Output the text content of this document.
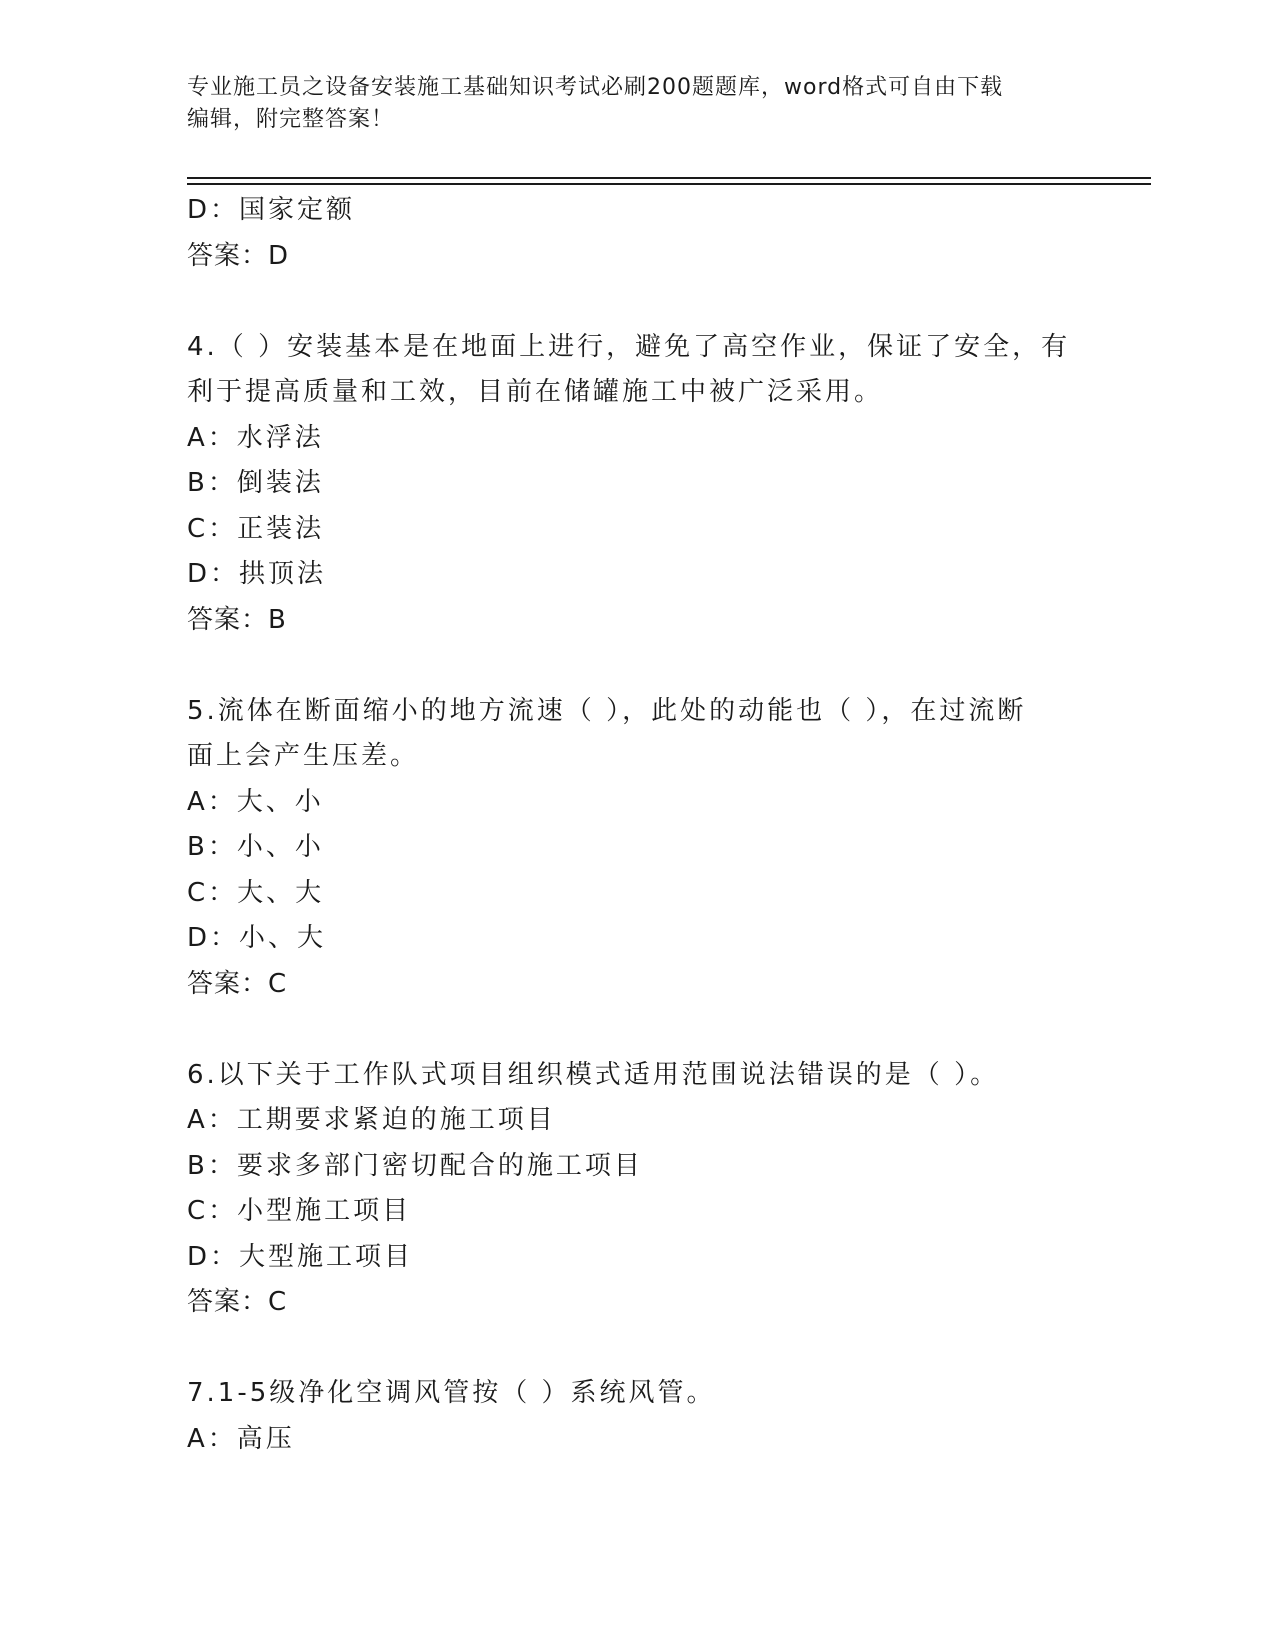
专业施工员之设备安装施工基础知识考试必刷200题题库，word格式可自由下载
编辑，附完整答案！
D：国家定额
答案：D
4.（ ）安装基本是在地面上进行，避免了高空作业，保证了安全，有
利于提高质量和工效，目前在储罐施工中被广泛采用。
A：水浮法
B：倒装法
C：正装法
D：拱顶法
答案：B
5.流体在断面缩小的地方流速（ ），此处的动能也（ ），在过流断
面上会产生压差。
A：大、小
B：小、小
C：大、大
D：小、大
答案：C
6.以下关于工作队式项目组织模式适用范围说法错误的是（ ）。
A：工期要求紧迫的施工项目
B：要求多部门密切配合的施工项目
C：小型施工项目
D：大型施工项目
答案：C
7.1-5级净化空调风管按（ ）系统风管。
A：高压
